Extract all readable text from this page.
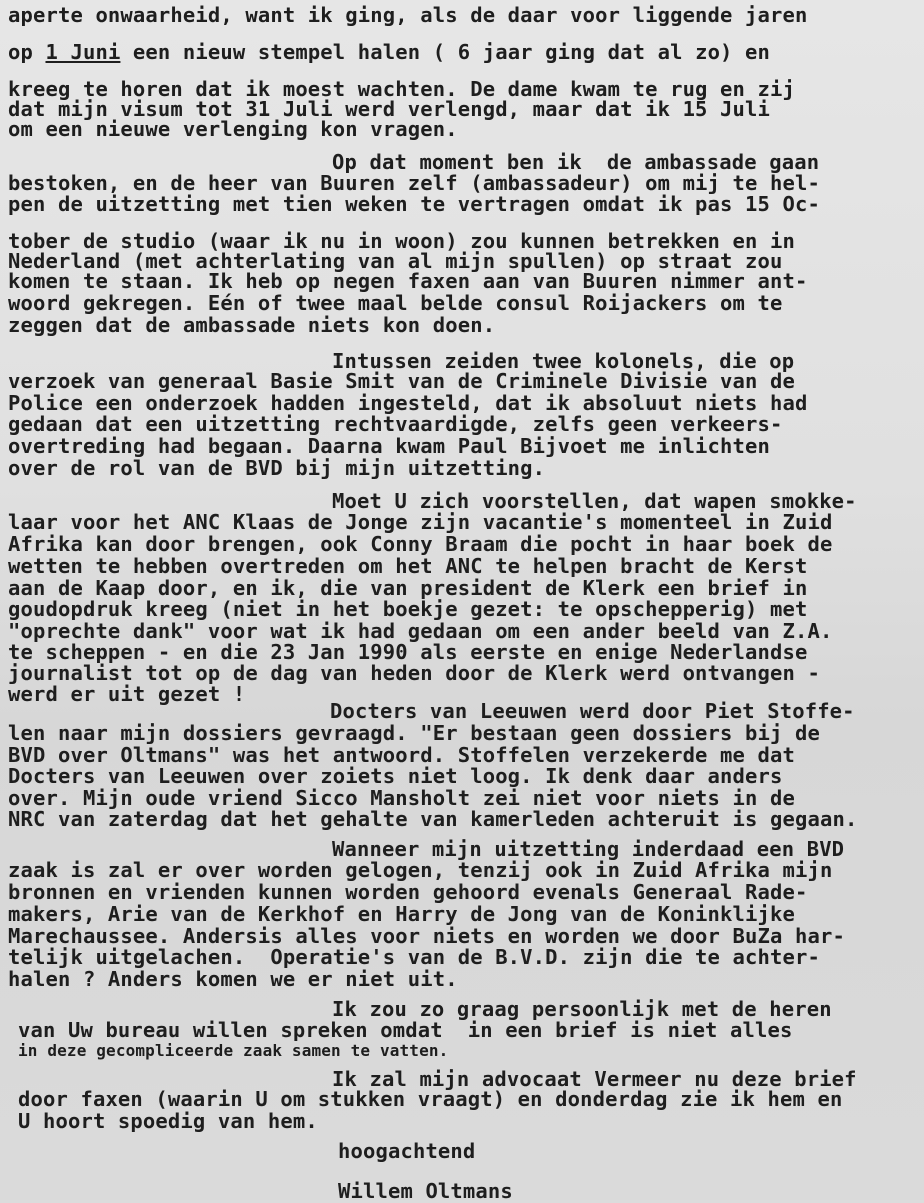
aperte onwaarheid, want ik ging, als de daar voor liggende jaren
op 1 Juni een nieuw stempel halen ( 6 jaar ging dat al zo) en
kreeg te horen dat ik moest wachten. De dame kwam te rug en zij
dat mijn visum tot 31 Juli werd verlengd, maar dat ik 15 Juli
om een nieuwe verlenging kon vragen.
Op dat moment ben ik  de ambassade gaan
bestoken, en de heer van Buuren zelf (ambassadeur) om mij te hel-
pen de uitzetting met tien weken te vertragen omdat ik pas 15 Oc-
tober de studio (waar ik nu in woon) zou kunnen betrekken en in
Nederland (met achterlating van al mijn spullen) op straat zou
komen te staan. Ik heb op negen faxen aan van Buuren nimmer ant-
woord gekregen. Eén of twee maal belde consul Roijackers om te
zeggen dat de ambassade niets kon doen.
Intussen zeiden twee kolonels, die op
verzoek van generaal Basie Smit van de Criminele Divisie van de
Police een onderzoek hadden ingesteld, dat ik absoluut niets had
gedaan dat een uitzetting rechtvaardigde, zelfs geen verkeers-
overtreding had begaan. Daarna kwam Paul Bijvoet me inlichten
over de rol van de BVD bij mijn uitzetting.
Moet U zich voorstellen, dat wapen smokke-
laar voor het ANC Klaas de Jonge zijn vacantie's momenteel in Zuid
Afrika kan door brengen, ook Conny Braam die pocht in haar boek de
wetten te hebben overtreden om het ANC te helpen bracht de Kerst
aan de Kaap door, en ik, die van president de Klerk een brief in
goudopdruk kreeg (niet in het boekje gezet: te opschepperig) met
"oprechte dank" voor wat ik had gedaan om een ander beeld van Z.A.
te scheppen - en die 23 Jan 1990 als eerste en enige Nederlandse
journalist tot op de dag van heden door de Klerk werd ontvangen -
werd er uit gezet !
Docters van Leeuwen werd door Piet Stoffe-
len naar mijn dossiers gevraagd. "Er bestaan geen dossiers bij de
BVD over Oltmans" was het antwoord. Stoffelen verzekerde me dat
Docters van Leeuwen over zoiets niet loog. Ik denk daar anders
over. Mijn oude vriend Sicco Mansholt zei niet voor niets in de
NRC van zaterdag dat het gehalte van kamerleden achteruit is gegaan.
Wanneer mijn uitzetting inderdaad een BVD
zaak is zal er over worden gelogen, tenzij ook in Zuid Afrika mijn
bronnen en vrienden kunnen worden gehoord evenals Generaal Rade-
makers, Arie van de Kerkhof en Harry de Jong van de Koninklijke
Marechaussee. Andersis alles voor niets en worden we door BuZa har-
telijk uitgelachen.  Operatie's van de B.V.D. zijn die te achter-
halen ? Anders komen we er niet uit.
Ik zou zo graag persoonlijk met de heren
van Uw bureau willen spreken omdat  in een brief is niet alles
in deze gecompliceerde zaak samen te vatten.
Ik zal mijn advocaat Vermeer nu deze brief
door faxen (waarin U om stukken vraagt) en donderdag zie ik hem en
U hoort spoedig van hem.
hoogachtend
Willem Oltmans
